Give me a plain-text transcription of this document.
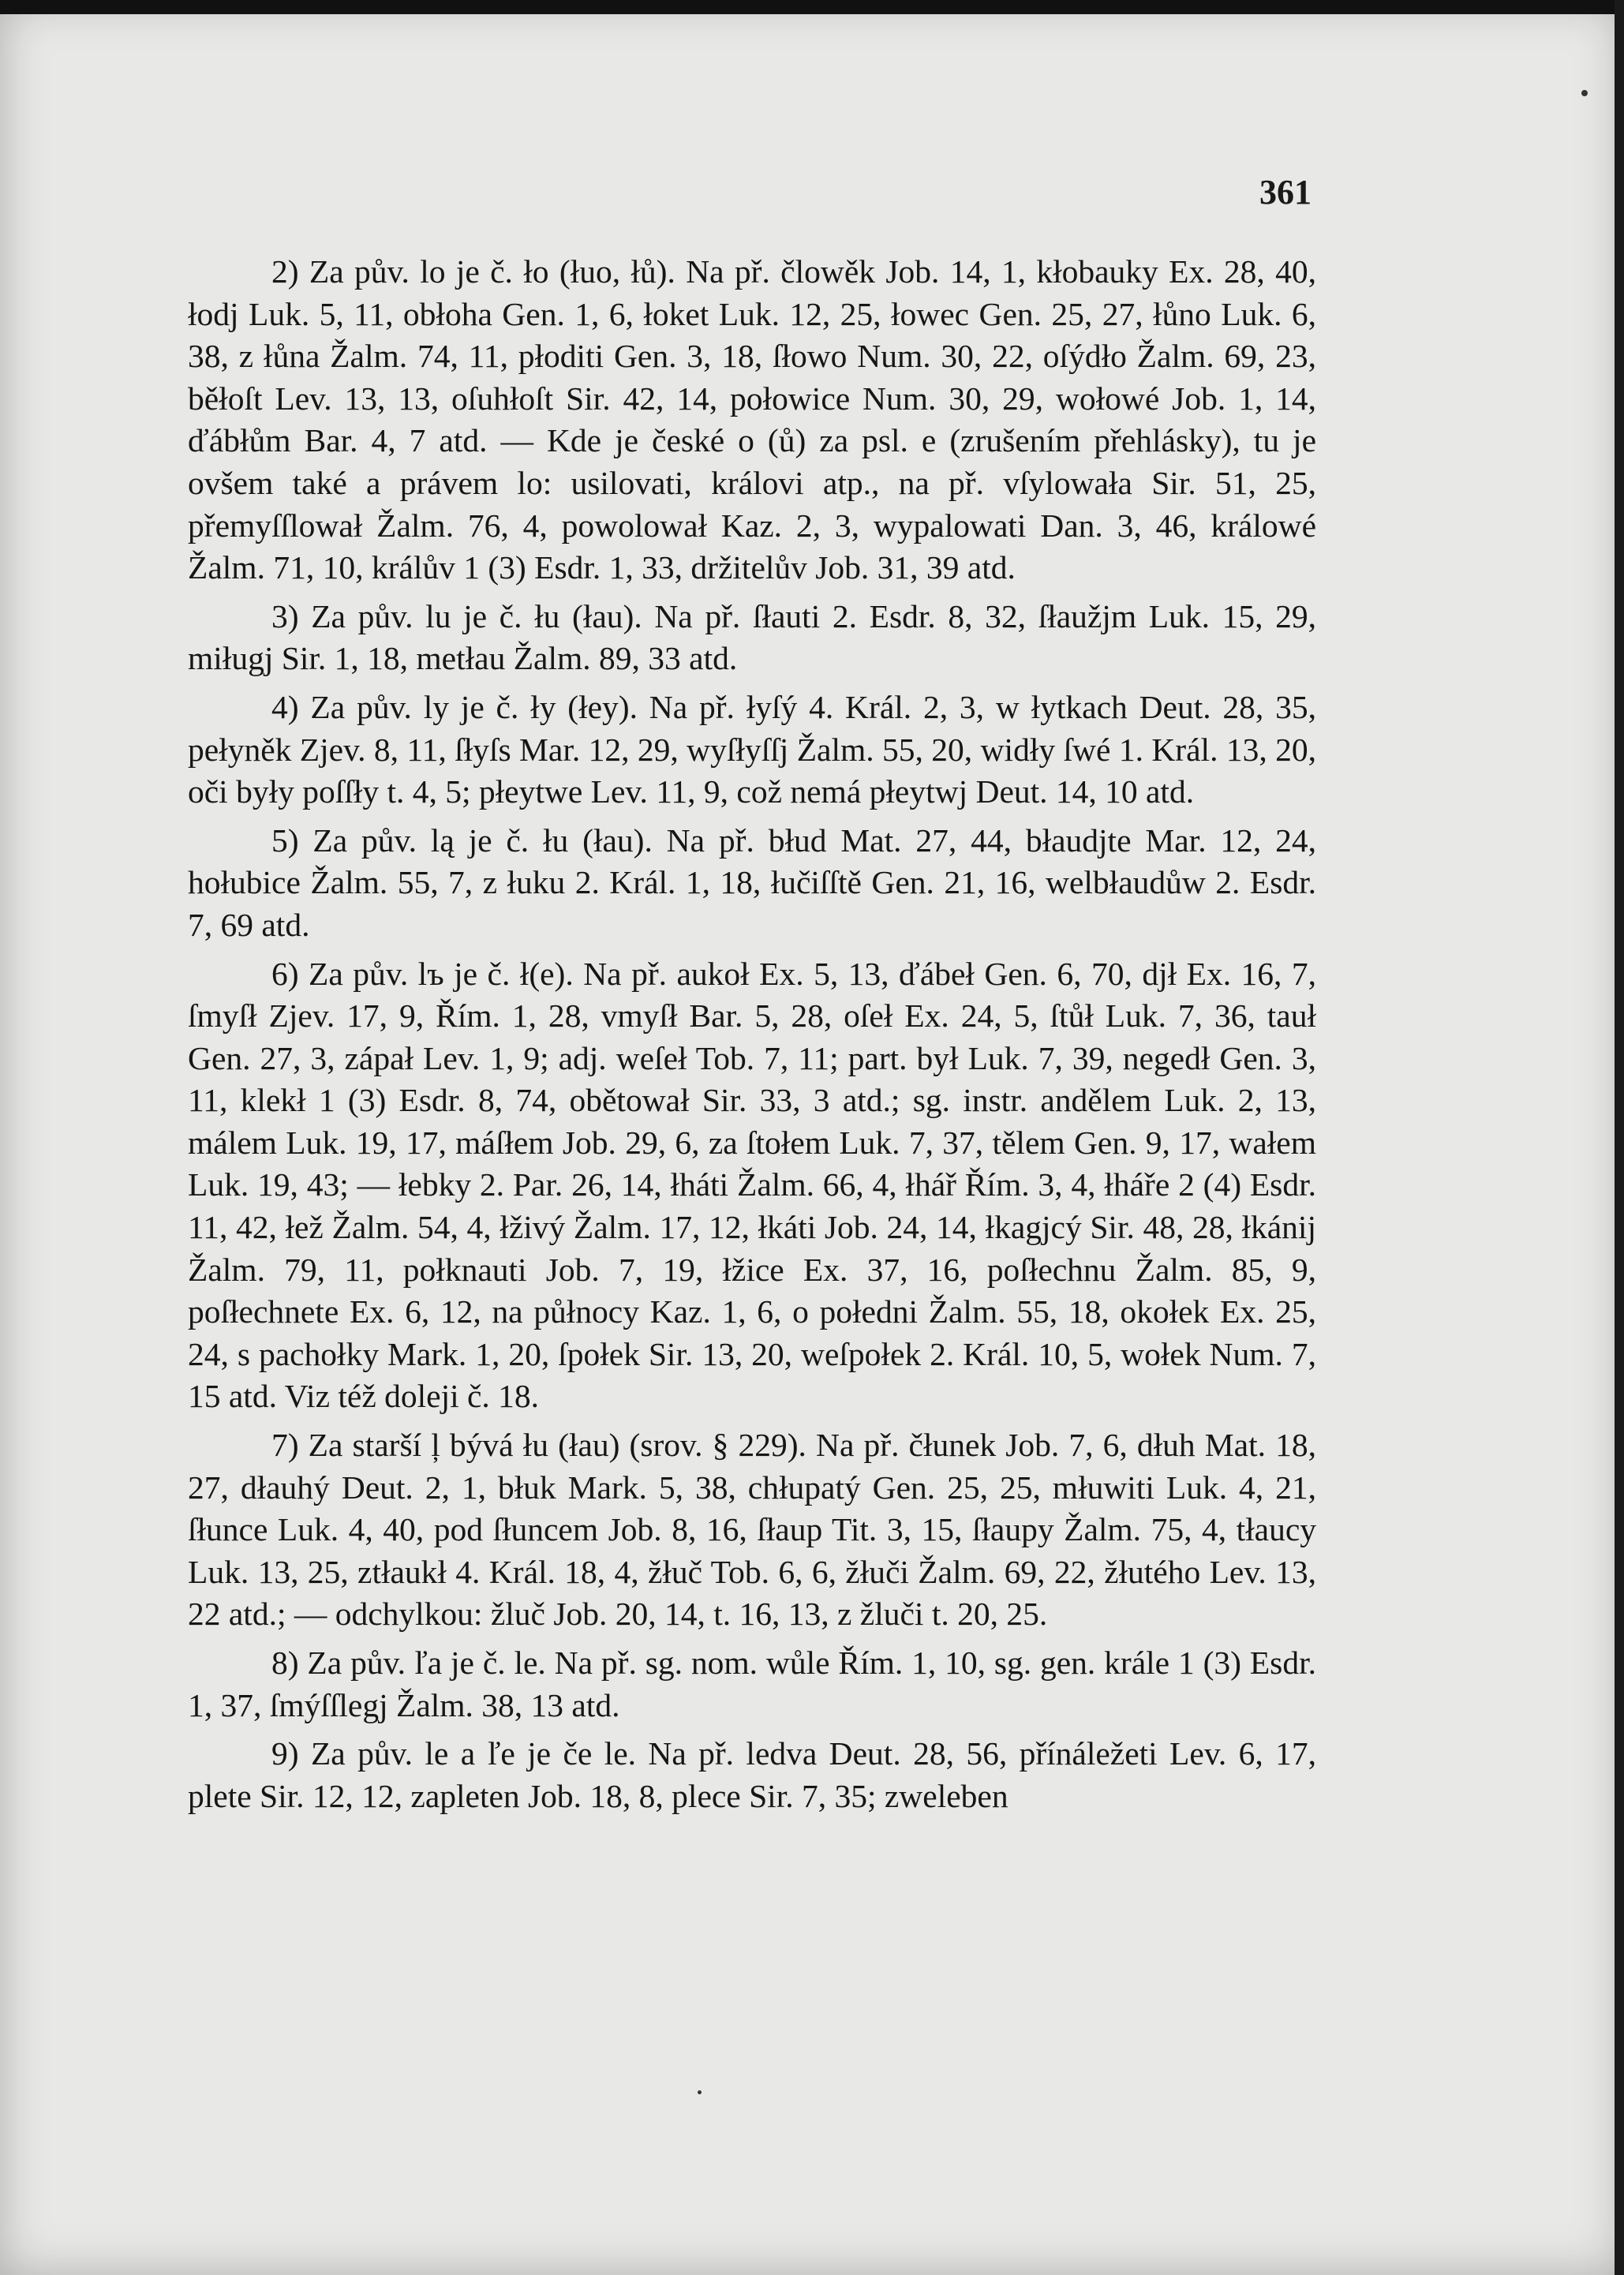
361

2) Za pův. lo je č. ło (łuo, łů). Na př. člowěk Job. 14, 1, kłobauky Ex. 28, 40, łodj Luk. 5, 11, obłoha Gen. 1, 6, łoket Luk. 12, 25, łowec Gen. 25, 27, łůno Luk. 6, 38, z łůna Žalm. 74, 11, płoditi Gen. 3, 18, ſłowo Num. 30, 22, oſýdło Žalm. 69, 23, běłoſt Lev. 13, 13, oſuhłoſt Sir. 42, 14, połowice Num. 30, 29, wołowé Job. 1, 14, ďábłům Bar. 4, 7 atd. — Kde je české o (ů) za psl. e (zrušením přehlásky), tu je ovšem také a právem lo: usilovati, královi atp., na př. vſylowała Sir. 51, 25, přemyſſlował Žalm. 76, 4, powolował Kaz. 2, 3, wypalowati Dan. 3, 46, králowé Žalm. 71, 10, králův 1 (3) Esdr. 1, 33, držitelův Job. 31, 39 atd.

3) Za pův. lu je č. łu (łau). Na př. ſłauti 2. Esdr. 8, 32, ſłaužjm Luk. 15, 29, miługj Sir. 1, 18, metłau Žalm. 89, 33 atd.

4) Za pův. ly je č. ły (łey). Na př. łyſý 4. Král. 2, 3, w łytkach Deut. 28, 35, pełyněk Zjev. 8, 11, ſłyſs Mar. 12, 29, wyſłyſſj Žalm. 55, 20, widły ſwé 1. Král. 13, 20, oči były poſſły t. 4, 5; płeytwe Lev. 11, 9, což nemá płeytwj Deut. 14, 10 atd.

5) Za pův. lą je č. łu (łau). Na př. błud Mat. 27, 44, błaudjte Mar. 12, 24, hołubice Žalm. 55, 7, z łuku 2. Král. 1, 18, łučiſſtě Gen. 21, 16, welbłaudůw 2. Esdr. 7, 69 atd.

6) Za pův. lъ je č. ł(e). Na př. aukoł Ex. 5, 13, ďábeł Gen. 6, 70, djł Ex. 16, 7, ſmyſł Zjev. 17, 9, Řím. 1, 28, vmyſł Bar. 5, 28, oſeł Ex. 24, 5, ſtůł Luk. 7, 36, tauł Gen. 27, 3, zápał Lev. 1, 9; adj. weſeł Tob. 7, 11; part. był Luk. 7, 39, negedł Gen. 3, 11, klekł 1 (3) Esdr. 8, 74, obětował Sir. 33, 3 atd.; sg. instr. andělem Luk. 2, 13, málem Luk. 19, 17, máſłem Job. 29, 6, za ſtołem Luk. 7, 37, tělem Gen. 9, 17, wałem Luk. 19, 43; — łebky 2. Par. 26, 14, łháti Žalm. 66, 4, łhář Řím. 3, 4, łháře 2 (4) Esdr. 11, 42, łež Žalm. 54, 4, łživý Žalm. 17, 12, łkáti Job. 24, 14, łkagjcý Sir. 48, 28, łkánij Žalm. 79, 11, połknauti Job. 7, 19, łžice Ex. 37, 16, poſłechnu Žalm. 85, 9, poſłechnete Ex. 6, 12, na půłnocy Kaz. 1, 6, o połedni Žalm. 55, 18, okołek Ex. 25, 24, s pachołky Mark. 1, 20, ſpołek Sir. 13, 20, weſpołek 2. Král. 10, 5, wołek Num. 7, 15 atd. Viz též doleji č. 18.

7) Za starší ļ bývá łu (łau) (srov. § 229). Na př. čłunek Job. 7, 6, dłuh Mat. 18, 27, dłauhý Deut. 2, 1, błuk Mark. 5, 38, chłupatý Gen. 25, 25, młuwiti Luk. 4, 21, ſłunce Luk. 4, 40, pod ſłuncem Job. 8, 16, ſłaup Tit. 3, 15, ſłaupy Žalm. 75, 4, tłaucy Luk. 13, 25, ztłaukł 4. Král. 18, 4, žłuč Tob. 6, 6, žłuči Žalm. 69, 22, žłutého Lev. 13, 22 atd.; — odchylkou: žluč Job. 20, 14, t. 16, 13, z žluči t. 20, 25.

8) Za pův. ľa je č. le. Na př. sg. nom. wůle Řím. 1, 10, sg. gen. krále 1 (3) Esdr. 1, 37, ſmýſſlegj Žalm. 38, 13 atd.

9) Za pův. le a ľe je če le. Na př. ledva Deut. 28, 56, přínáležeti Lev. 6, 17, plete Sir. 12, 12, zapleten Job. 18, 8, plece Sir. 7, 35; zweleben
